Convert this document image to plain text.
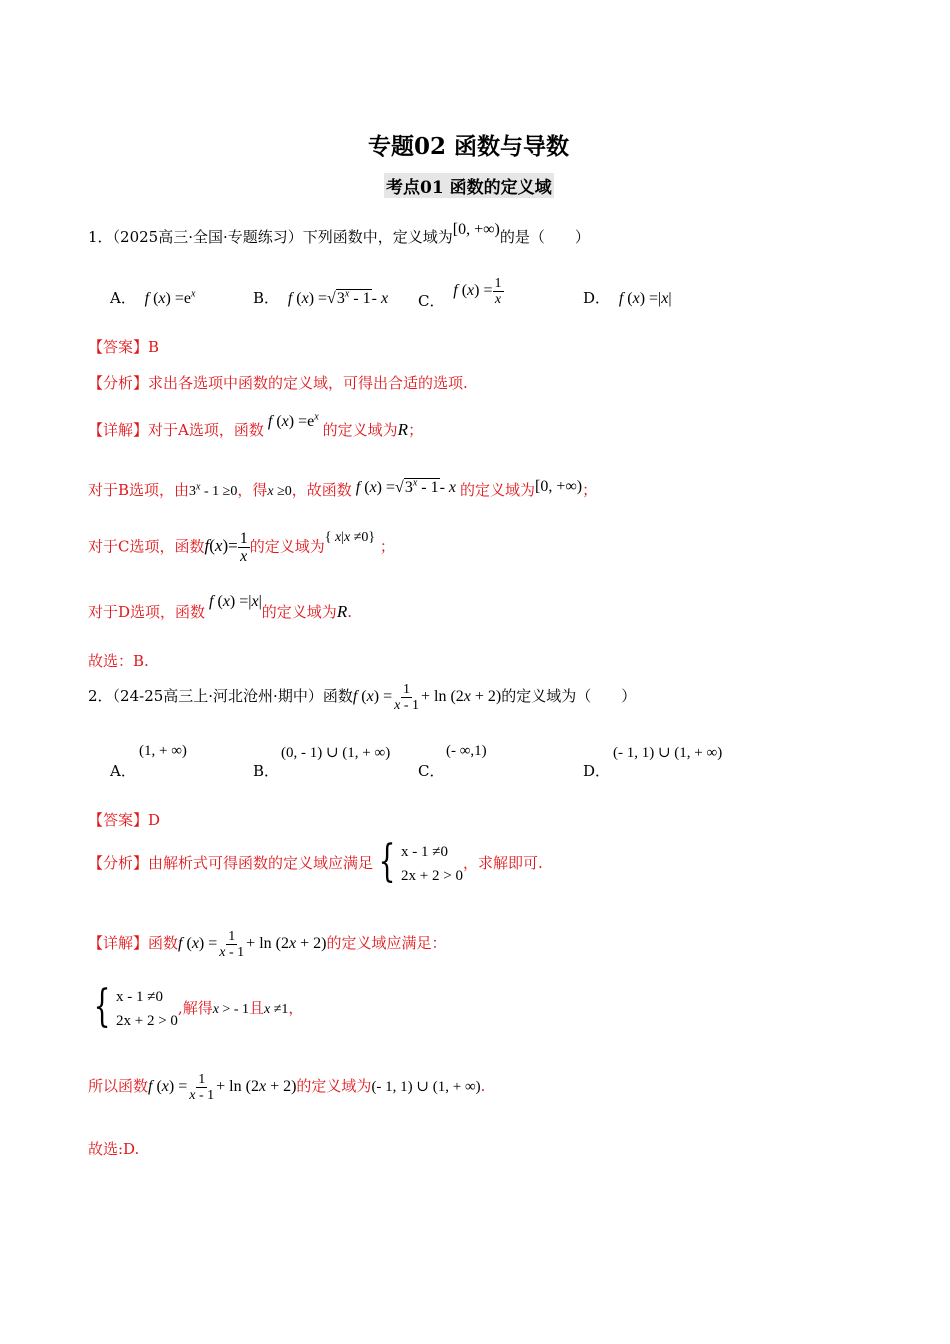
专题02 函数与导数
考点01 函数的定义域
1．（2025高三·全国·专题练习）下列函数中，定义域为[0, +∞)的是（　　）
A． f $(x) =e^x$	B． f $(x) =√3^x - 1-$ x C．  f $(x) = \frac{1}{x}$	D． f (x) =|x|
【答案】B
【分析】求出各选项中函数的定义域，可得出合适的选项.
【详解】对于A选项，函数 f $(x) =e^x$ 的定义域为R；
对于B选项，由3$^x$ - 1 ≥0，得x ≥0，故函数 f $(x) =√3^x - 1-$ x 的定义域为[0, +∞)；
对于C选项，函数$f(x)= \frac{1}{x}$ 的定义域为{ x|x ≠0} ；
对于D选项，函数 f (x) =|x|的定义域为R.
故选：B.
2．（24-25高三上·河北沧州·期中）函数f $(x) = \frac{1}{x - 1} + \ln (2x + 2)$的定义域为（　　）
A．
(1, + ∞)
B．
(0, - 1) ∪ (1, + ∞)
C．
(- ∞,1)
D．
(- 1, 1) ∪ (1, + ∞)
【答案】D
【分析】由解析式可得函数的定义域应满足 { x - 1 ≠0
2x + 2 > 0
，求解即可.
【详解】函数f $(x) = \frac{1}{x - 1} + \ln (2x + 2)$的定义域应满足：
{ x - 1 ≠0
2x + 2 > 0
,解得x > - 1且x ≠1，
所以函数f $(x) = \frac{1}{x - 1} + \ln (2x + 2)$的定义域为(- 1, 1) ∪ (1, + ∞).
故选:D.
